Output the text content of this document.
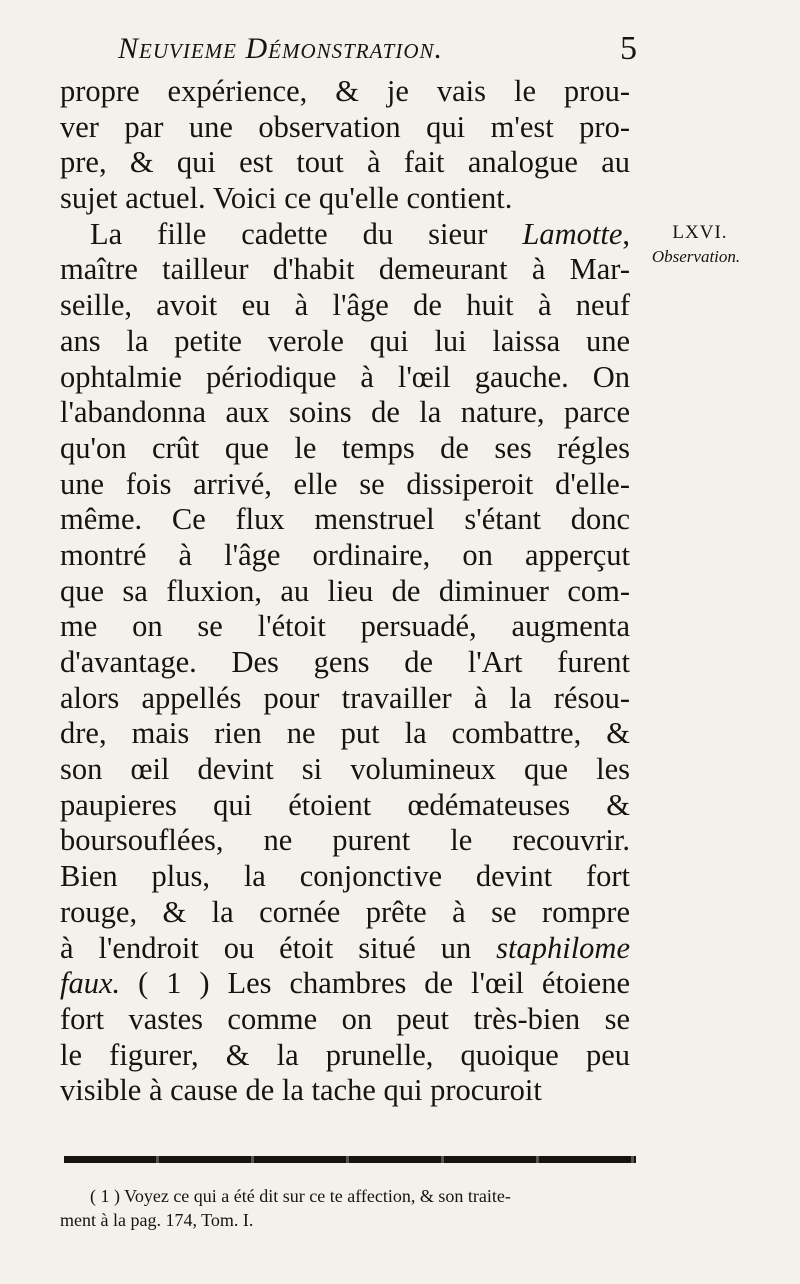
Neuvieme Démonstration.	5
LXVI.
Observation.
propre expérience, & je vais le prou-
ver par une observation qui m'est pro-
pre, & qui est tout à fait analogue au
sujet actuel. Voici ce qu'elle contient.
La fille cadette du sieur Lamotte,
maître tailleur d'habit demeurant à Mar-
seille, avoit eu à l'âge de huit à neuf
ans la petite verole qui lui laissa une
ophtalmie périodique à l'œil gauche. On
l'abandonna aux soins de la nature, parce
qu'on crût que le temps de ses régles
une fois arrivé, elle se dissiperoit d'elle-
même. Ce flux menstruel s'étant donc
montré à l'âge ordinaire, on apperçut
que sa fluxion, au lieu de diminuer com-
me on se l'étoit persuadé, augmenta
d'avantage. Des gens de l'Art furent
alors appellés pour travailler à la résou-
dre, mais rien ne put la combattre, &
son œil devint si volumineux que les
paupieres qui étoient œdémateuses &
boursouflées, ne purent le recouvrir.
Bien plus, la conjonctive devint fort
rouge, & la cornée prête à se rompre
à l'endroit ou étoit situé un staphilome
faux. ( 1 ) Les chambres de l'œil étoiene
fort vastes comme on peut très-bien se
le figurer, & la prunelle, quoique peu
visible à cause de la tache qui procuroit
( 1 ) Voyez ce qui a été dit sur ce te affection, & son traite-
ment à la pag. 174, Tom. I.
